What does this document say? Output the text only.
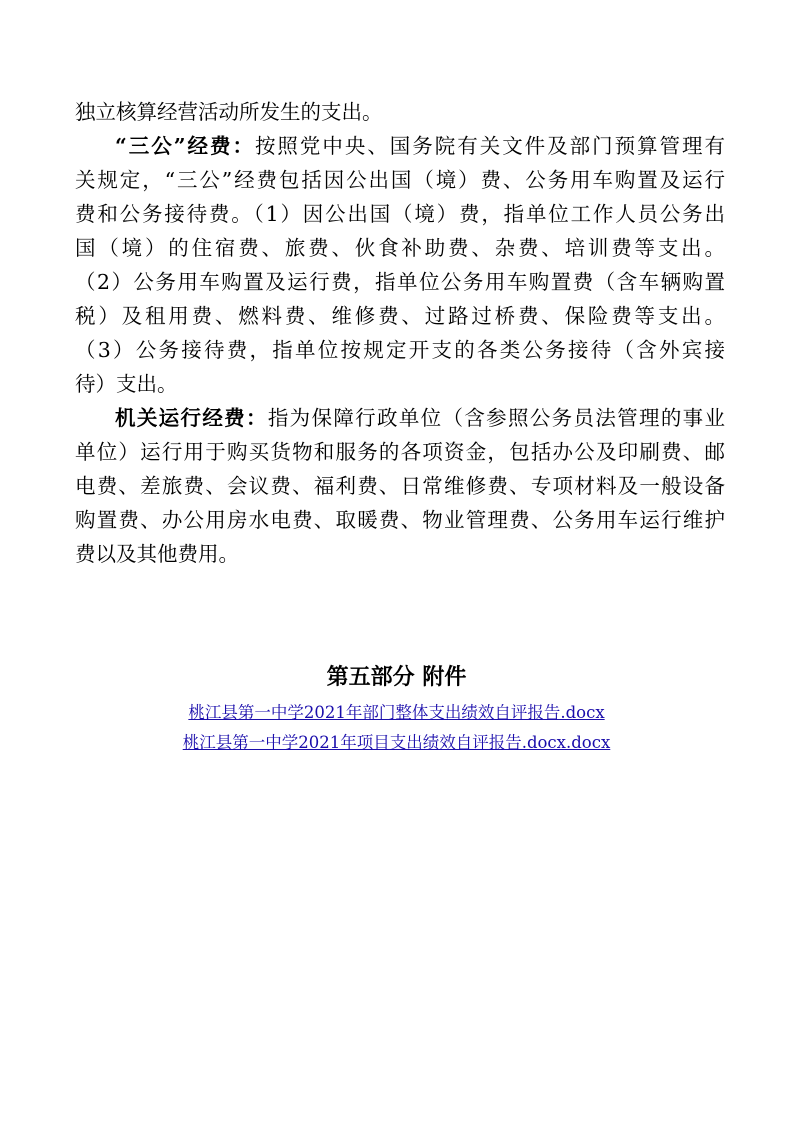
独立核算经营活动所发生的支出。
“三公”经费：按照党中央、国务院有关文件及部门预算管理有
关规定，“三公”经费包括因公出国（境）费、公务用车购置及运行
费和公务接待费。（1）因公出国（境）费，指单位工作人员公务出
国（境）的住宿费、旅费、伙食补助费、杂费、培训费等支出。
（2）公务用车购置及运行费，指单位公务用车购置费（含车辆购置
税）及租用费、燃料费、维修费、过路过桥费、保险费等支出。
（3）公务接待费，指单位按规定开支的各类公务接待（含外宾接
待）支出。
机关运行经费：指为保障行政单位（含参照公务员法管理的事业
单位）运行用于购买货物和服务的各项资金，包括办公及印刷费、邮
电费、差旅费、会议费、福利费、日常维修费、专项材料及一般设备
购置费、办公用房水电费、取暖费、物业管理费、公务用车运行维护
费以及其他费用。
第五部分 附件
桃江县第一中学2021年部门整体支出绩效自评报告.docx
桃江县第一中学2021年项目支出绩效自评报告.docx.docx
